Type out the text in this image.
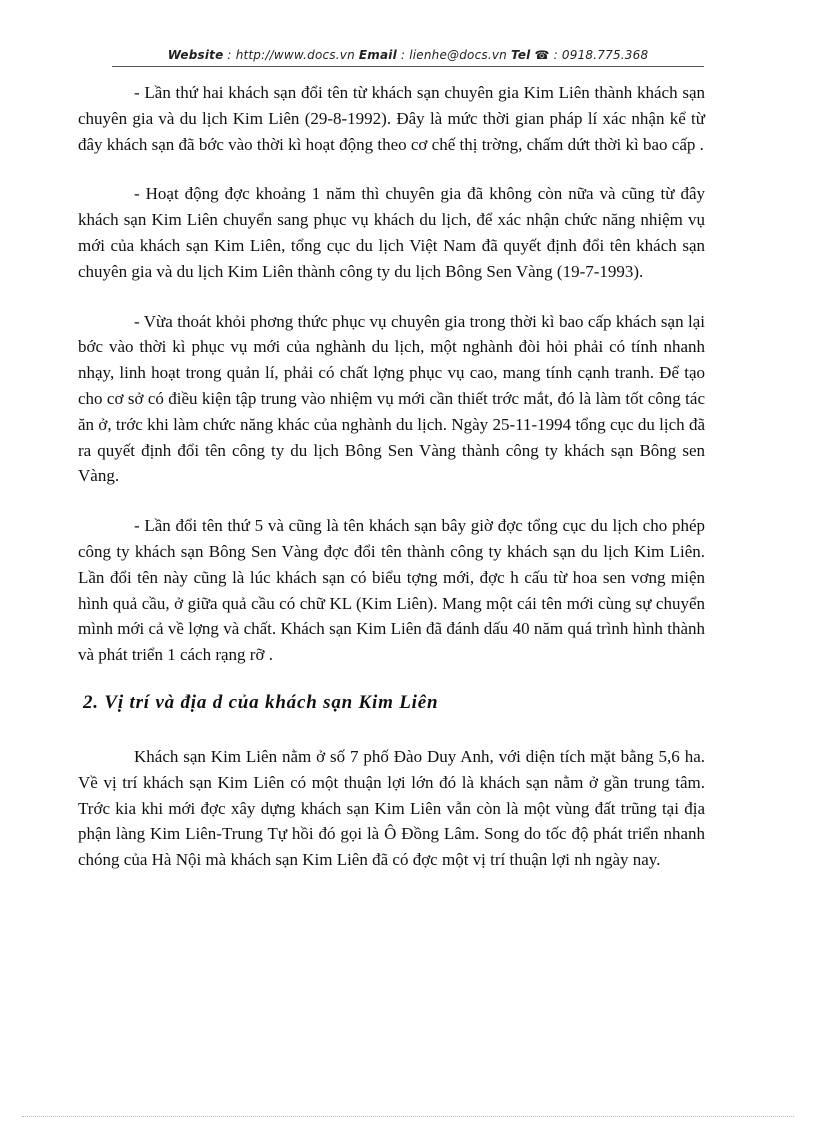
Website : http://www.docs.vn Email : lienhe@docs.vn Tel ☎ : 0918.775.368

- Lần thứ hai khách sạn đổi tên từ khách sạn chuyên gia Kim Liên thành khách sạn chuyên gia và du lịch Kim Liên (29-8-1992). Đây là mức thời gian pháp lí xác nhận kể từ đây khách sạn đã bớc vào thời kì hoạt động theo cơ chế thị trờng, chấm dứt thời kì bao cấp .

- Hoạt động đợc khoảng 1 năm thì chuyên gia đã không còn nữa và cũng từ đây khách sạn Kim Liên chuyển sang phục vụ khách du lịch, để xác nhận chức năng nhiệm vụ mới của khách sạn Kim Liên, tổng cục du lịch Việt Nam đã quyết định đổi tên khách sạn chuyên gia và du lịch Kim Liên thành công ty du lịch Bông Sen Vàng (19-7-1993).

- Vừa thoát khỏi phơng thức phục vụ chuyên gia trong thời kì bao cấp khách sạn lại bớc vào thời kì phục vụ mới của nghành du lịch, một nghành đòi hỏi phải có tính nhanh nhạy, linh hoạt trong quản lí, phải có chất lợng phục vụ cao, mang tính cạnh tranh. Để tạo cho cơ sở có điều kiện tập trung vào nhiệm vụ mới cần thiết trớc mắt, đó là làm tốt công tác ăn ở, trớc khi làm chức năng khác của nghành du lịch. Ngày 25-11-1994 tổng cục du lịch đã ra quyết định đổi tên công ty du lịch Bông Sen Vàng thành công ty khách sạn Bông sen Vàng.

- Lần đổi tên thứ 5 và cũng là tên khách sạn bây giờ đợc tổng cục du lịch cho phép công ty khách sạn Bông Sen Vàng đợc đổi tên thành công ty khách sạn du lịch Kim Liên. Lần đổi tên này cũng là lúc khách sạn có biểu tợng mới, đợc h cấu từ hoa sen vơng miện hình quả cầu, ở giữa quả cầu có chữ KL (Kim Liên). Mang một cái tên mới cùng sự chuyển mình mới cả về lợng và chất. Khách sạn Kim Liên đã đánh dấu 40 năm quá trình hình thành và phát triển 1 cách rạng rỡ .

2. Vị trí và địa d của khách sạn Kim Liên

Khách sạn Kim Liên nằm ở số 7 phố Đào Duy Anh, với diện tích mặt bằng 5,6 ha. Về vị trí khách sạn Kim Liên có một thuận lợi lớn đó là khách sạn nằm ở gần trung tâm. Trớc kia khi mới đợc xây dựng khách sạn Kim Liên vẫn còn là một vùng đất trũng tại địa phận làng Kim Liên-Trung Tự hồi đó gọi là Ô Đồng Lâm. Song do tốc độ phát triển nhanh chóng của Hà Nội mà khách sạn Kim Liên đã có đợc một vị trí thuận lợi nh ngày nay.
